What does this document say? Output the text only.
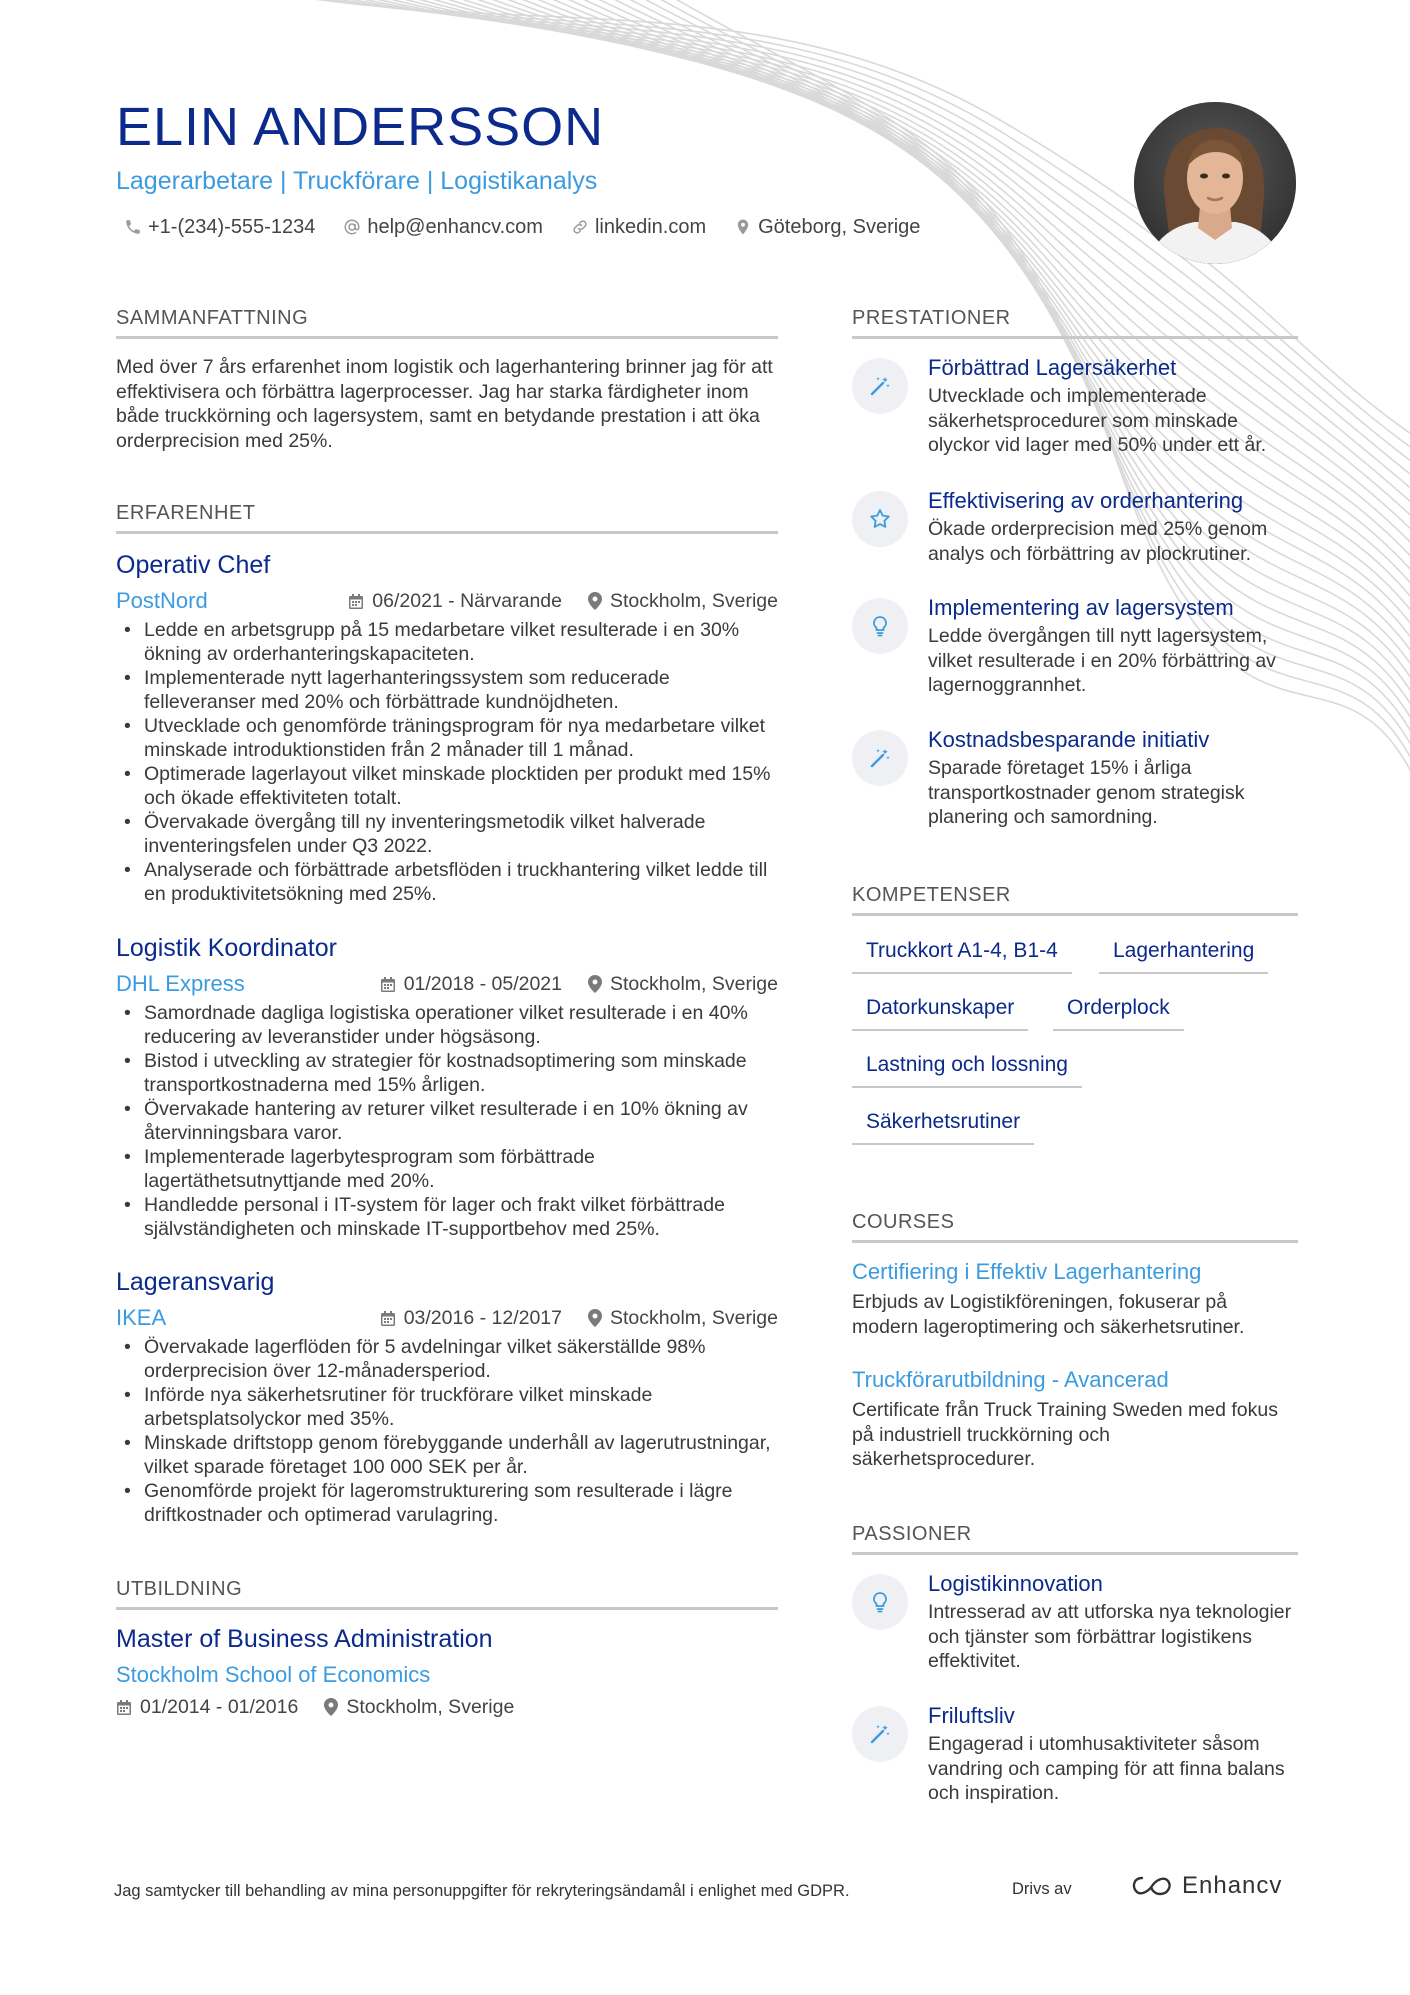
ELIN ANDERSSON
Lagerarbetare | Truckförare | Logistikanalys
+1-(234)-555-1234	help@enhancv.com	linkedin.com	Göteborg, Sverige
SAMMANFATTNING
Med över 7 års erfarenhet inom logistik och lagerhantering brinner jag för att effektivisera och förbättra lagerprocesser. Jag har starka färdigheter inom både truckkörning och lagersystem, samt en betydande prestation i att öka orderprecision med 25%.
ERFARENHET
Operativ Chef
PostNord	06/2021 - Närvarande Stockholm, Sverige
• Ledde en arbetsgrupp på 15 medarbetare vilket resulterade i en 30% ökning av orderhanteringskapaciteten.
• Implementerade nytt lagerhanteringssystem som reducerade felleveranser med 20% och förbättrade kundnöjdheten.
• Utvecklade och genomförde träningsprogram för nya medarbetare vilket minskade introduktionstiden från 2 månader till 1 månad.
• Optimerade lagerlayout vilket minskade plocktiden per produkt med 15% och ökade effektiviteten totalt.
• Övervakade övergång till ny inventeringsmetodik vilket halverade inventeringsfelen under Q3 2022.
• Analyserade och förbättrade arbetsflöden i truckhantering vilket ledde till en produktivitetsökning med 25%.
Logistik Koordinator
DHL Express	01/2018 - 05/2021 Stockholm, Sverige
• Samordnade dagliga logistiska operationer vilket resulterade i en 40% reducering av leveranstider under högsäsong.
• Bistod i utveckling av strategier för kostnadsoptimering som minskade transportkostnaderna med 15% årligen.
• Övervakade hantering av returer vilket resulterade i en 10% ökning av återvinningsbara varor.
• Implementerade lagerbytesprogram som förbättrade lagertäthetsutnyttjande med 20%.
• Handledde personal i IT-system för lager och frakt vilket förbättrade självständigheten och minskade IT-supportbehov med 25%.
Lageransvarig
IKEA	03/2016 - 12/2017 Stockholm, Sverige
• Övervakade lagerflöden för 5 avdelningar vilket säkerställde 98% orderprecision över 12-månadersperiod.
• Införde nya säkerhetsrutiner för truckförare vilket minskade arbetsplatsolyckor med 35%.
• Minskade driftstopp genom förebyggande underhåll av lagerutrustningar, vilket sparade företaget 100 000 SEK per år.
• Genomförde projekt för lageromstrukturering som resulterade i lägre driftkostnader och optimerad varulagring.
UTBILDNING
Master of Business Administration
Stockholm School of Economics
01/2014 - 01/2016 Stockholm, Sverige
PRESTATIONER
Förbättrad Lagersäkerhet
Utvecklade och implementerade säkerhetsprocedurer som minskade olyckor vid lager med 50% under ett år.
Effektivisering av orderhantering
Ökade orderprecision med 25% genom analys och förbättring av plockrutiner.
Implementering av lagersystem
Ledde övergången till nytt lagersystem, vilket resulterade i en 20% förbättring av lagernoggrannhet.
Kostnadsbesparande initiativ
Sparade företaget 15% i årliga transportkostnader genom strategisk planering och samordning.
KOMPETENSER
Truckkort A1-4, B1-4	Lagerhantering
Datorkunskaper	Orderplock
Lastning och lossning
Säkerhetsrutiner
COURSES
Certifiering i Effektiv Lagerhantering
Erbjuds av Logistikföreningen, fokuserar på modern lageroptimering och säkerhetsrutiner.
Truckförarutbildning - Avancerad
Certificate från Truck Training Sweden med fokus på industriell truckkörning och säkerhetsprocedurer.
PASSIONER
Logistikinnovation
Intresserad av att utforska nya teknologier och tjänster som förbättrar logistikens effektivitet.
Friluftsliv
Engagerad i utomhusaktiviteter såsom vandring och camping för att finna balans och inspiration.
Jag samtycker till behandling av mina personuppgifter för rekryteringsändamål i enlighet med GDPR.	Drivs av	Enhancv
